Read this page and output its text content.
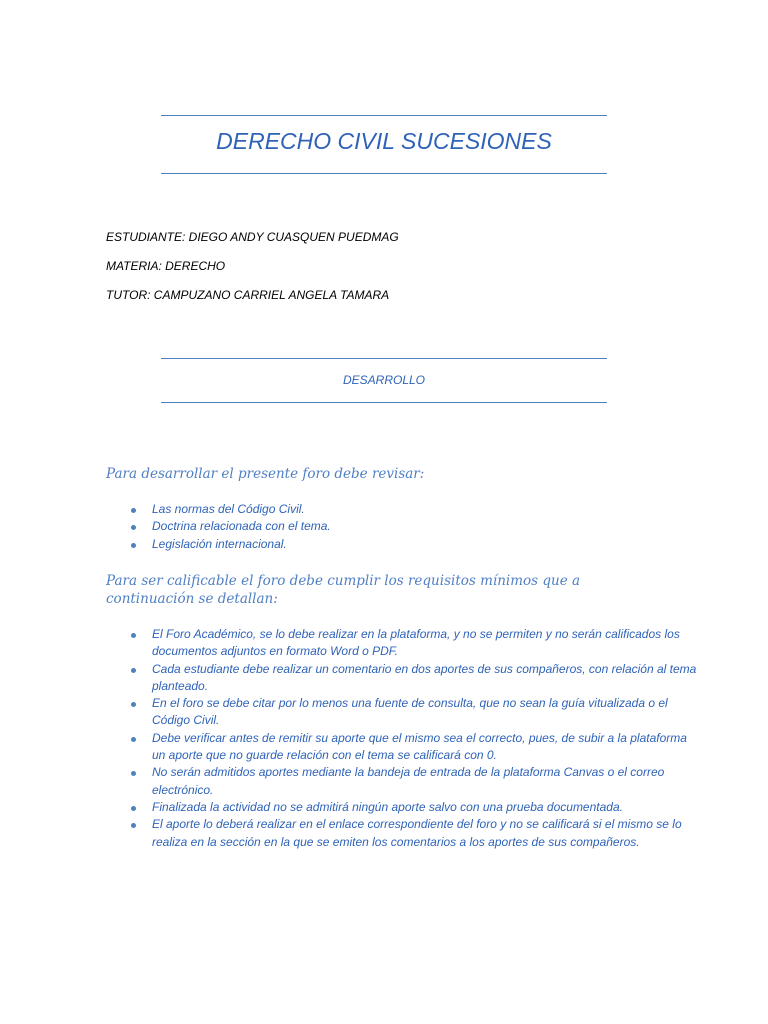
DERECHO CIVIL SUCESIONES
ESTUDIANTE: DIEGO ANDY CUASQUEN PUEDMAG
MATERIA: DERECHO
TUTOR: CAMPUZANO CARRIEL ANGELA TAMARA
DESARROLLO
Para desarrollar el presente foro debe revisar:
Las normas del Código Civil.
Doctrina relacionada con el tema.
Legislación internacional.
Para ser calificable el foro debe cumplir los requisitos mínimos que a continuación se detallan:
El Foro Académico, se lo debe realizar en la plataforma, y no se permiten y no serán calificados los documentos adjuntos en formato Word o PDF.
Cada estudiante debe realizar un comentario en dos aportes de sus compañeros, con relación al tema planteado.
En el foro se debe citar por lo menos una fuente de consulta, que no sean la guía vitualizada o el Código Civil.
Debe verificar antes de remitir su aporte que el mismo sea el correcto, pues, de subir a la plataforma un aporte que no guarde relación con el tema se calificará con 0.
No serán admitidos aportes mediante la bandeja de entrada de la plataforma Canvas o el correo electrónico.
Finalizada la actividad no se admitirá ningún aporte salvo con una prueba documentada.
El aporte lo deberá realizar en el enlace correspondiente del foro y no se calificará si el mismo se lo realiza en la sección en la que se emiten los comentarios a los aportes de sus compañeros.
